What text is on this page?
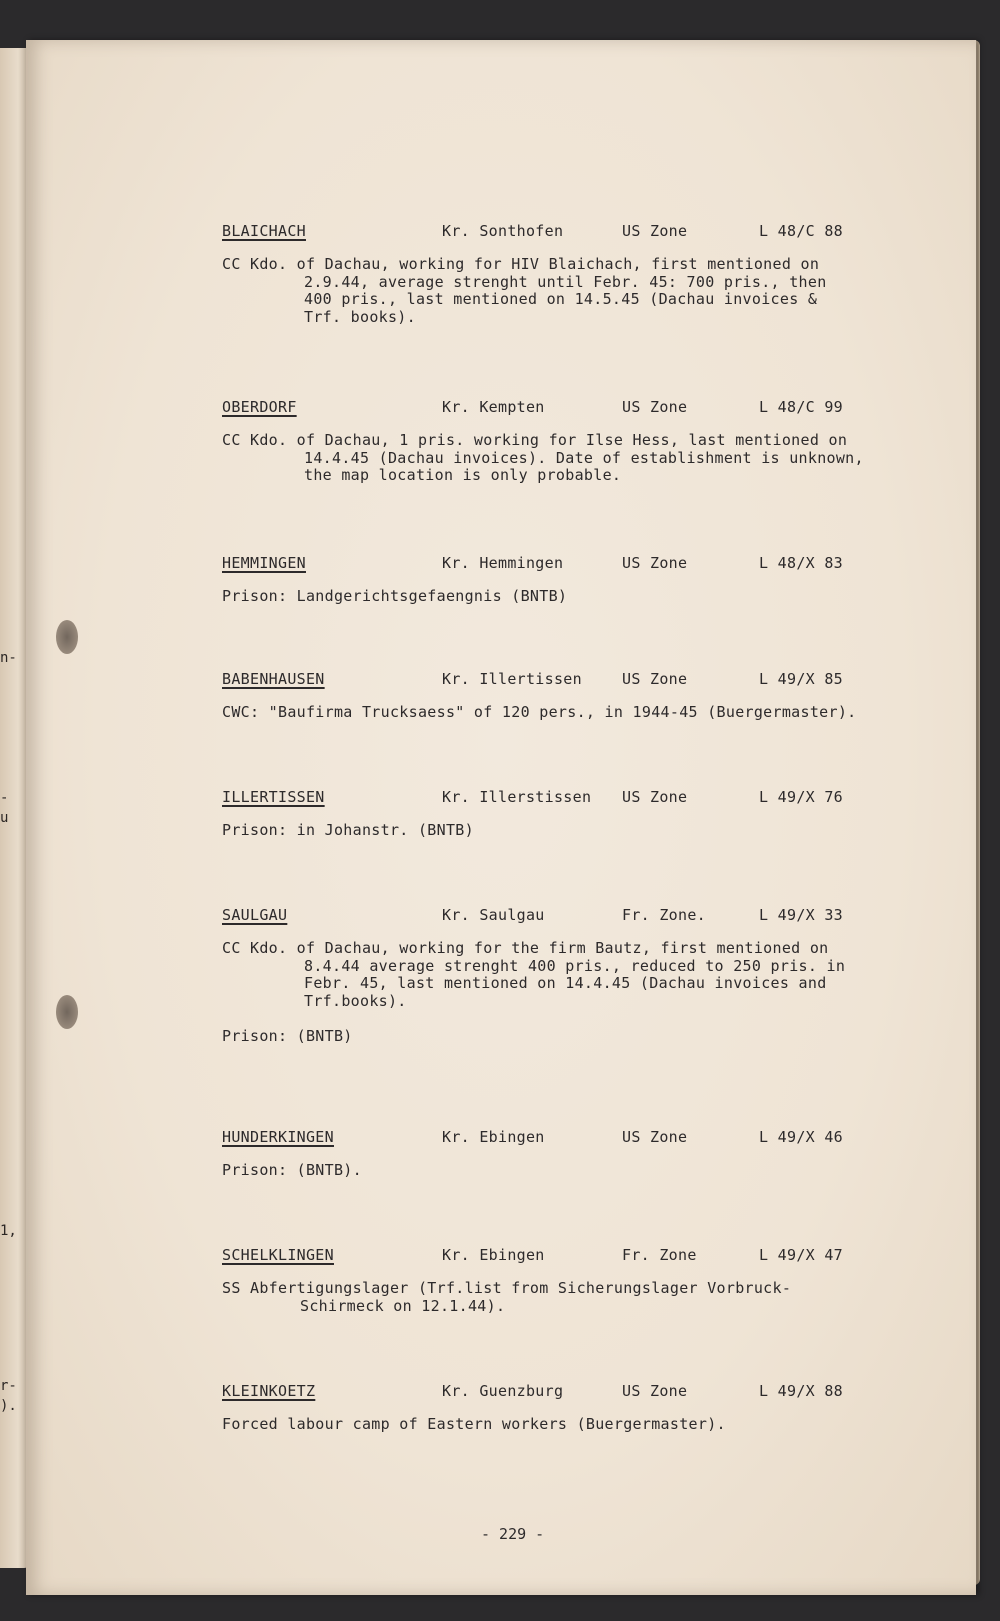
n-
-
u
1,
r-
).
BLAICHACH	Kr. Sonthofen	US Zone	L 48/C 88
CC Kdo. of Dachau, working for HIV Blaichach, first mentioned on
2.9.44, average strenght until Febr. 45: 700 pris., then
400 pris., last mentioned on 14.5.45 (Dachau invoices &
Trf. books).
OBERDORF	Kr. Kempten	US Zone	L 48/C 99
CC Kdo. of Dachau, 1 pris. working for Ilse Hess, last mentioned on
14.4.45 (Dachau invoices). Date of establishment is unknown,
the map location is only probable.
HEMMINGEN	Kr. Hemmingen	US Zone	L 48/X 83
Prison: Landgerichtsgefaengnis (BNTB)
BABENHAUSEN	Kr. Illertissen	US Zone	L 49/X 85
CWC: "Baufirma Trucksaess" of 120 pers., in 1944-45 (Buergermaster).
ILLERTISSEN	Kr. Illerstissen US Zone	L 49/X 76
Prison: in Johanstr. (BNTB)
SAULGAU	Kr. Saulgau	Fr. Zone.	L 49/X 33
CC Kdo. of Dachau, working for the firm Bautz, first mentioned on
8.4.44 average strenght 400 pris., reduced to 250 pris. in
Febr. 45, last mentioned on 14.4.45 (Dachau invoices and
Trf.books).
Prison: (BNTB)
HUNDERKINGEN	Kr. Ebingen	US Zone	L 49/X 46
Prison: (BNTB).
SCHELKLINGEN	Kr. Ebingen	Fr. Zone	L 49/X 47
SS Abfertigungslager (Trf.list from Sicherungslager Vorbruck-
Schirmeck on 12.1.44).
KLEINKOETZ	Kr. Guenzburg	US Zone	L 49/X 88
Forced labour camp of Eastern workers (Buergermaster).
- 229 -
